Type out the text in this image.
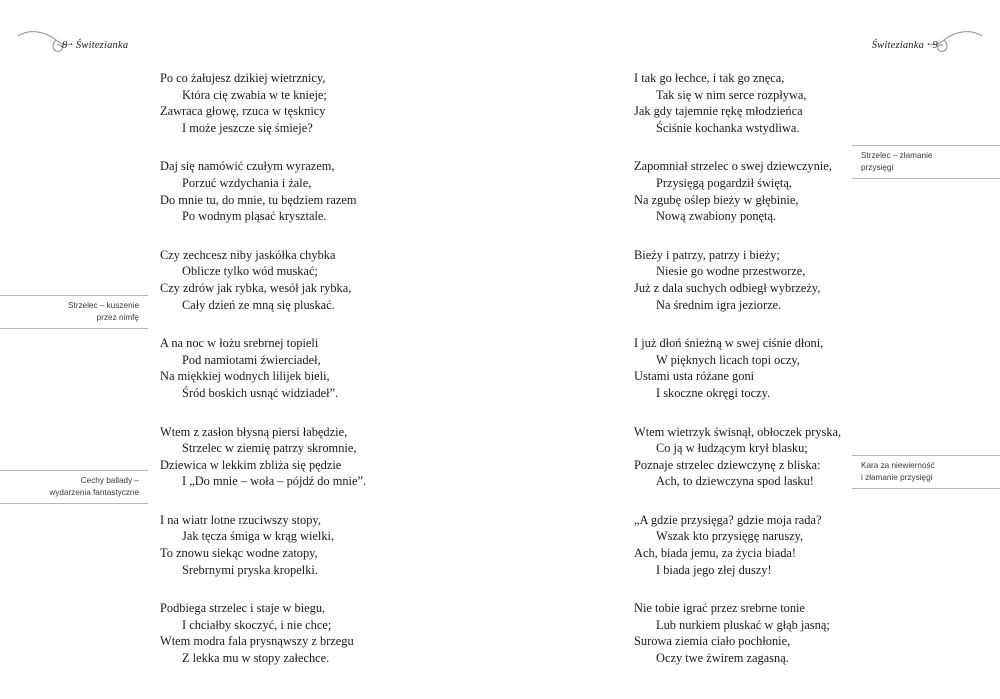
8 · Świtezianka	Świtezianka · 9

Po co żałujesz dzikiej wietrznicy,
Która cię zwabia w te knieje;
Zawraca głowę, rzuca w tęsknicy
I może jeszcze się śmieje?

Daj się namówić czułym wyrazem,
Porzuć wzdychania i żale,
Do mnie tu, do mnie, tu będziem razem
Po wodnym pląsać krysztale.

Czy zechcesz niby jaskółka chybka
Oblicze tylko wód muskać;
Czy zdrów jak rybka, wesół jak rybka,
Cały dzień ze mną się pluskać.

A na noc w łożu srebrnej topieli
Pod namiotami źwierciadeł,
Na miękkiej wodnych lilijek bieli,
Śród boskich usnąć widziadeł”.

Wtem z zasłon błysną piersi łabędzie,
Strzelec w ziemię patrzy skromnie,
Dziewica w lekkim zbliża się pędzie
I „Do mnie – woła – pójdź do mnie”.

I na wiatr lotne rzuciwszy stopy,
Jak tęcza śmiga w krąg wielki,
To znowu siekąc wodne zatopy,
Srebrnymi pryska kropelki.

Podbiega strzelec i staje w biegu,
I chciałby skoczyć, i nie chce;
Wtem modra fala prysnąwszy z brzegu
Z lekka mu w stopy załechce.

I tak go łechce, i tak go znęca,
Tak się w nim serce rozpływa,
Jak gdy tajemnie rękę młodzieńca
Ściśnie kochanka wstydliwa.

Zapomniał strzelec o swej dziewczynie,
Przysięgą pogardził świętą,
Na zgubę oślep bieży w głębinie,
Nową zwabiony ponętą.

Bieży i patrzy, patrzy i bieży;
Niesie go wodne przestworze,
Już z dala suchych odbiegł wybrzeży,
Na średnim igra jeziorze.

I już dłoń śnieżną w swej ciśnie dłoni,
W pięknych licach topi oczy,
Ustami usta różane goni
I skoczne okręgi toczy.

Wtem wietrzyk świsnął, obłoczek pryska,
Co ją w łudzącym krył blasku;
Poznaje strzelec dziewczynę z bliska:
Ach, to dziewczyna spod lasku!

„A gdzie przysięga? gdzie moja rada?
Wszak kto przysięgę naruszy,
Ach, biada jemu, za życia biada!
I biada jego złej duszy!

Nie tobie igrać przez srebrne tonie
Lub nurkiem pluskać w głąb jasną;
Surowa ziemia ciało pochłonie,
Oczy twe żwirem zagasną.

Strzelec – kuszenie
przez nimfę
Cechy ballady –
wydarzenia fantastyczne
Strzelec – złamanie
przysięgi
Kara za niewierność
i złamanie przysięgi
